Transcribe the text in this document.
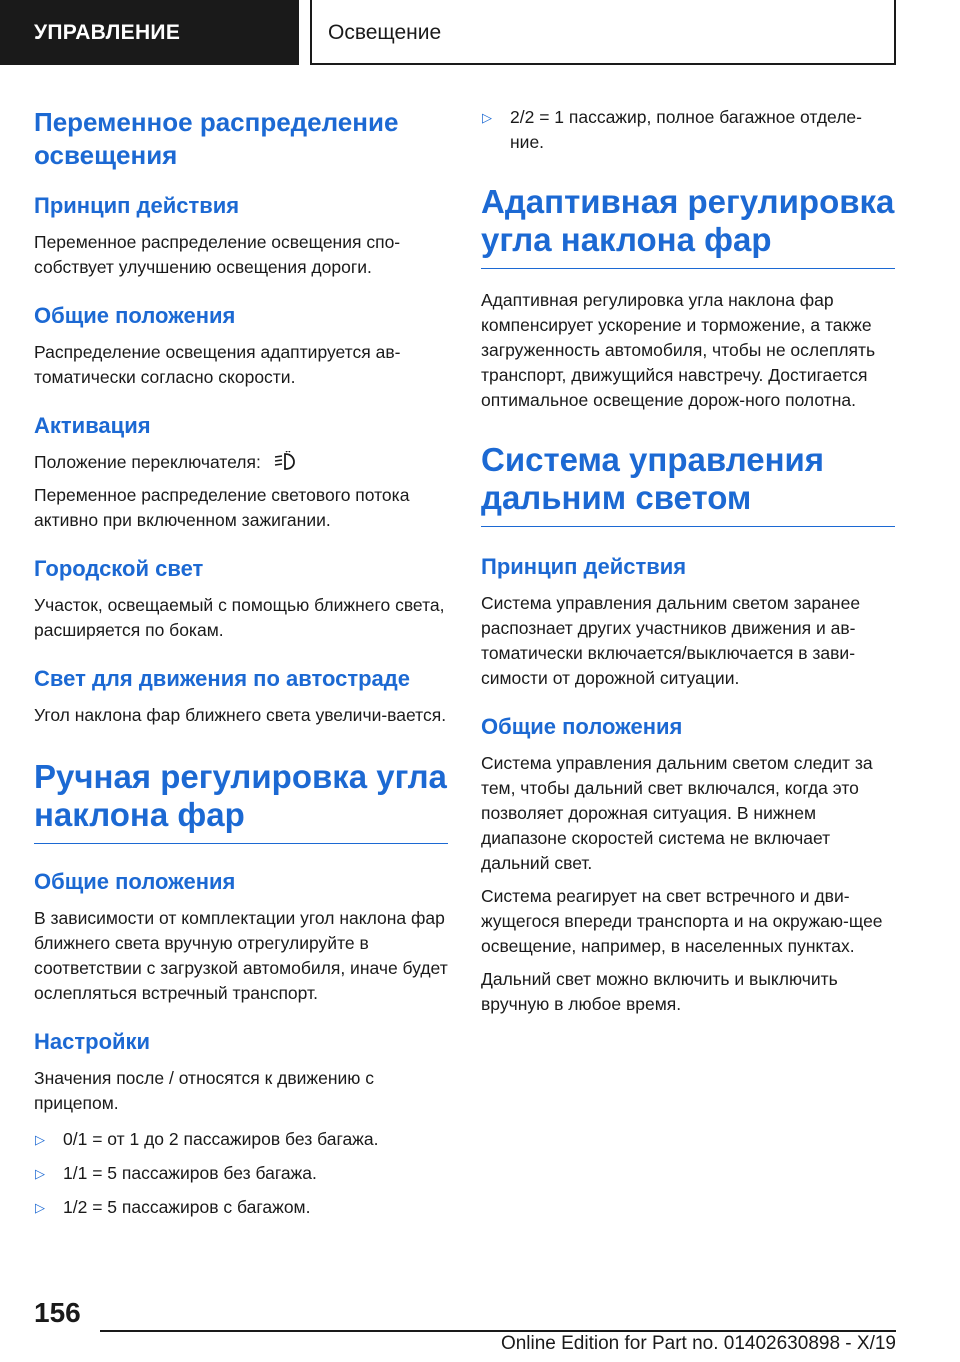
УПРАВЛЕНИЕ	Освещение
Переменное распределение освещения
Принцип действия
Переменное распределение освещения спо-собствует улучшению освещения дороги.
Общие положения
Распределение освещения адаптируется ав-томатически согласно скорости.
Активация
Положение переключателя:
Переменное распределение светового потока активно при включенном зажигании.
Городской свет
Участок, освещаемый с помощью ближнего света, расширяется по бокам.
Свет для движения по автостраде
Угол наклона фар ближнего света увеличи-вается.
Ручная регулировка угла наклона фар
Общие положения
В зависимости от комплектации угол наклона фар ближнего света вручную отрегулируйте в соответствии с загрузкой автомобиля, иначе будет ослепляться встречный транспорт.
Настройки
Значения после / относятся к движению с прицепом.
▷ 0/1 = от 1 до 2 пассажиров без багажа.
▷ 1/1 = 5 пассажиров без багажа.
▷ 1/2 = 5 пассажиров с багажом.
▷ 2/2 = 1 пассажир, полное багажное отделе-ние.
Адаптивная регулировка угла наклона фар
Адаптивная регулировка угла наклона фар компенсирует ускорение и торможение, а также загруженность автомобиля, чтобы не ослеплять транспорт, движущийся навстречу. Достигается оптимальное освещение дорож-ного полотна.
Система управления дальним светом
Принцип действия
Система управления дальним светом заранее распознает других участников движения и ав-томатически включается/выключается в зави-симости от дорожной ситуации.
Общие положения
Система управления дальним светом следит за тем, чтобы дальний свет включался, когда это позволяет дорожная ситуация. В нижнем диапазоне скоростей система не включает дальний свет.
Система реагирует на свет встречного и дви-жущегося впереди транспорта и на окружаю-щее освещение, например, в населенных пунктах.
Дальний свет можно включить и выключить вручную в любое время.
156
Online Edition for Part no. 01402630898 - X/19
